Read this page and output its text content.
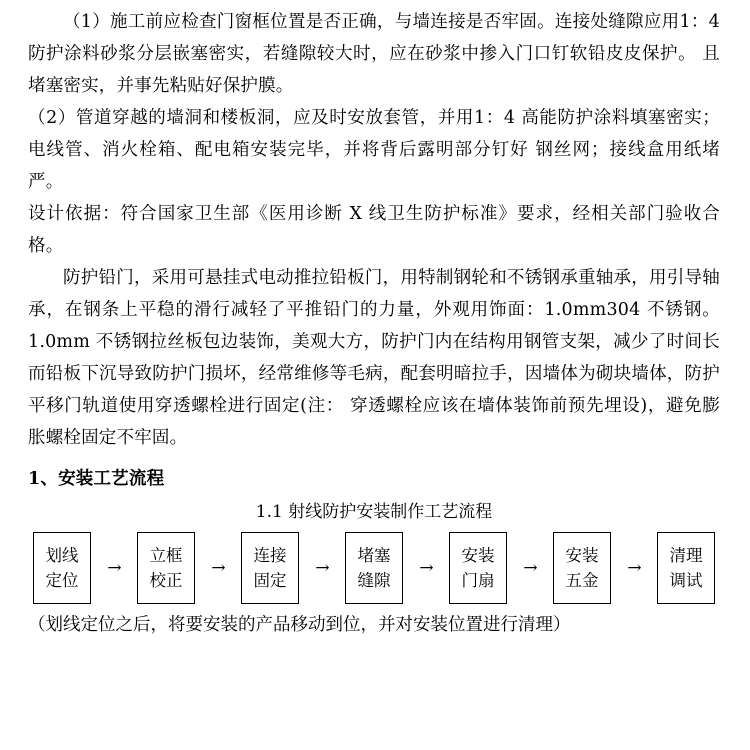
（1）施工前应检查门窗框位置是否正确，与墙连接是否牢固。连接处缝隙应用1：4 防护涂料砂浆分层嵌塞密实，若缝隙较大时，应在砂浆中掺入门口钉软铅皮皮保护。 且堵塞密实，并事先粘贴好保护膜。

（2）管道穿越的墙洞和楼板洞，应及时安放套管，并用1：4 高能防护涂料填塞密实；电线管、消火栓箱、配电箱安装完毕，并将背后露明部分钉好 钢丝网；接线盒用纸堵严。

设计依据：符合国家卫生部《医用诊断 X 线卫生防护标准》要求，经相关部门验收合格。

防护铅门，采用可悬挂式电动推拉铅板门，用特制钢轮和不锈钢承重轴承，用引导轴承，在钢条上平稳的滑行减轻了平推铅门的力量，外观用饰面：1.0mm304 不锈钢。1.0mm 不锈钢拉丝板包边装饰，美观大方，防护门内在结构用钢管支架，减少了时间长而铅板下沉导致防护门损坏，经常维修等毛病，配套明暗拉手，因墙体为砌块墙体，防护平移门轨道使用穿透螺栓进行固定(注： 穿透螺栓应该在墙体装饰前预先埋设)，避免膨胀螺栓固定不牢固。

1、安装工艺流程

1.1 射线防护安装制作工艺流程

划线
定位
	→	
立框
校正
	→	
连接
固定
	→	
堵塞
缝隙
	→	
安装
门扇
	→	
安装
五金
	→	
清理
调试

（划线定位之后，将要安装的产品移动到位，并对安装位置进行清理）
